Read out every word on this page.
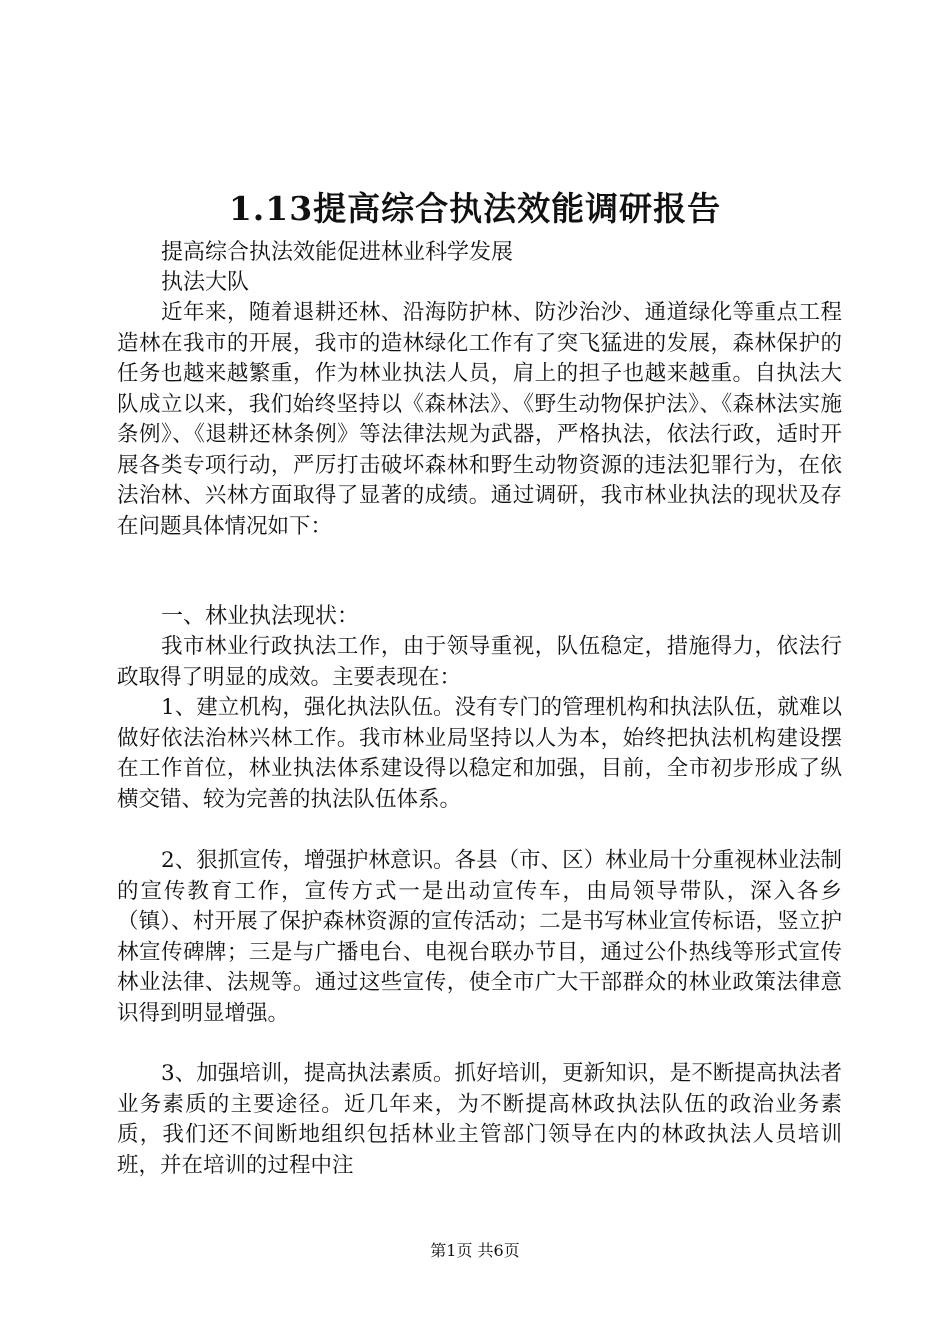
1.13提高综合执法效能调研报告
提高综合执法效能促进林业科学发展
执法大队
近年来，随着退耕还林、沿海防护林、防沙治沙、通道绿化等重点工程造林在我市的开展，我市的造林绿化工作有了突飞猛进的发展，森林保护的任务也越来越繁重，作为林业执法人员，肩上的担子也越来越重。自执法大队成立以来，我们始终坚持以《森林法》、《野生动物保护法》、《森林法实施条例》、《退耕还林条例》等法律法规为武器，严格执法，依法行政，适时开展各类专项行动，严厉打击破坏森林和野生动物资源的违法犯罪行为，在依法治林、兴林方面取得了显著的成绩。通过调研，我市林业执法的现状及存在问题具体情况如下：
一、林业执法现状：
我市林业行政执法工作，由于领导重视，队伍稳定，措施得力，依法行政取得了明显的成效。主要表现在：
1、建立机构，强化执法队伍。没有专门的管理机构和执法队伍，就难以做好依法治林兴林工作。我市林业局坚持以人为本，始终把执法机构建设摆在工作首位，林业执法体系建设得以稳定和加强，目前，全市初步形成了纵横交错、较为完善的执法队伍体系。
2、狠抓宣传，增强护林意识。各县（市、区）林业局十分重视林业法制的宣传教育工作，宣传方式一是出动宣传车，由局领导带队，深入各乡（镇）、村开展了保护森林资源的宣传活动；二是书写林业宣传标语，竖立护林宣传碑牌；三是与广播电台、电视台联办节目，通过公仆热线等形式宣传林业法律、法规等。通过这些宣传，使全市广大干部群众的林业政策法律意识得到明显增强。
3、加强培训，提高执法素质。抓好培训，更新知识，是不断提高执法者业务素质的主要途径。近几年来，为不断提高林政执法队伍的政治业务素质，我们还不间断地组织包括林业主管部门领导在内的林政执法人员培训班，并在培训的过程中注
第1页 共6页
